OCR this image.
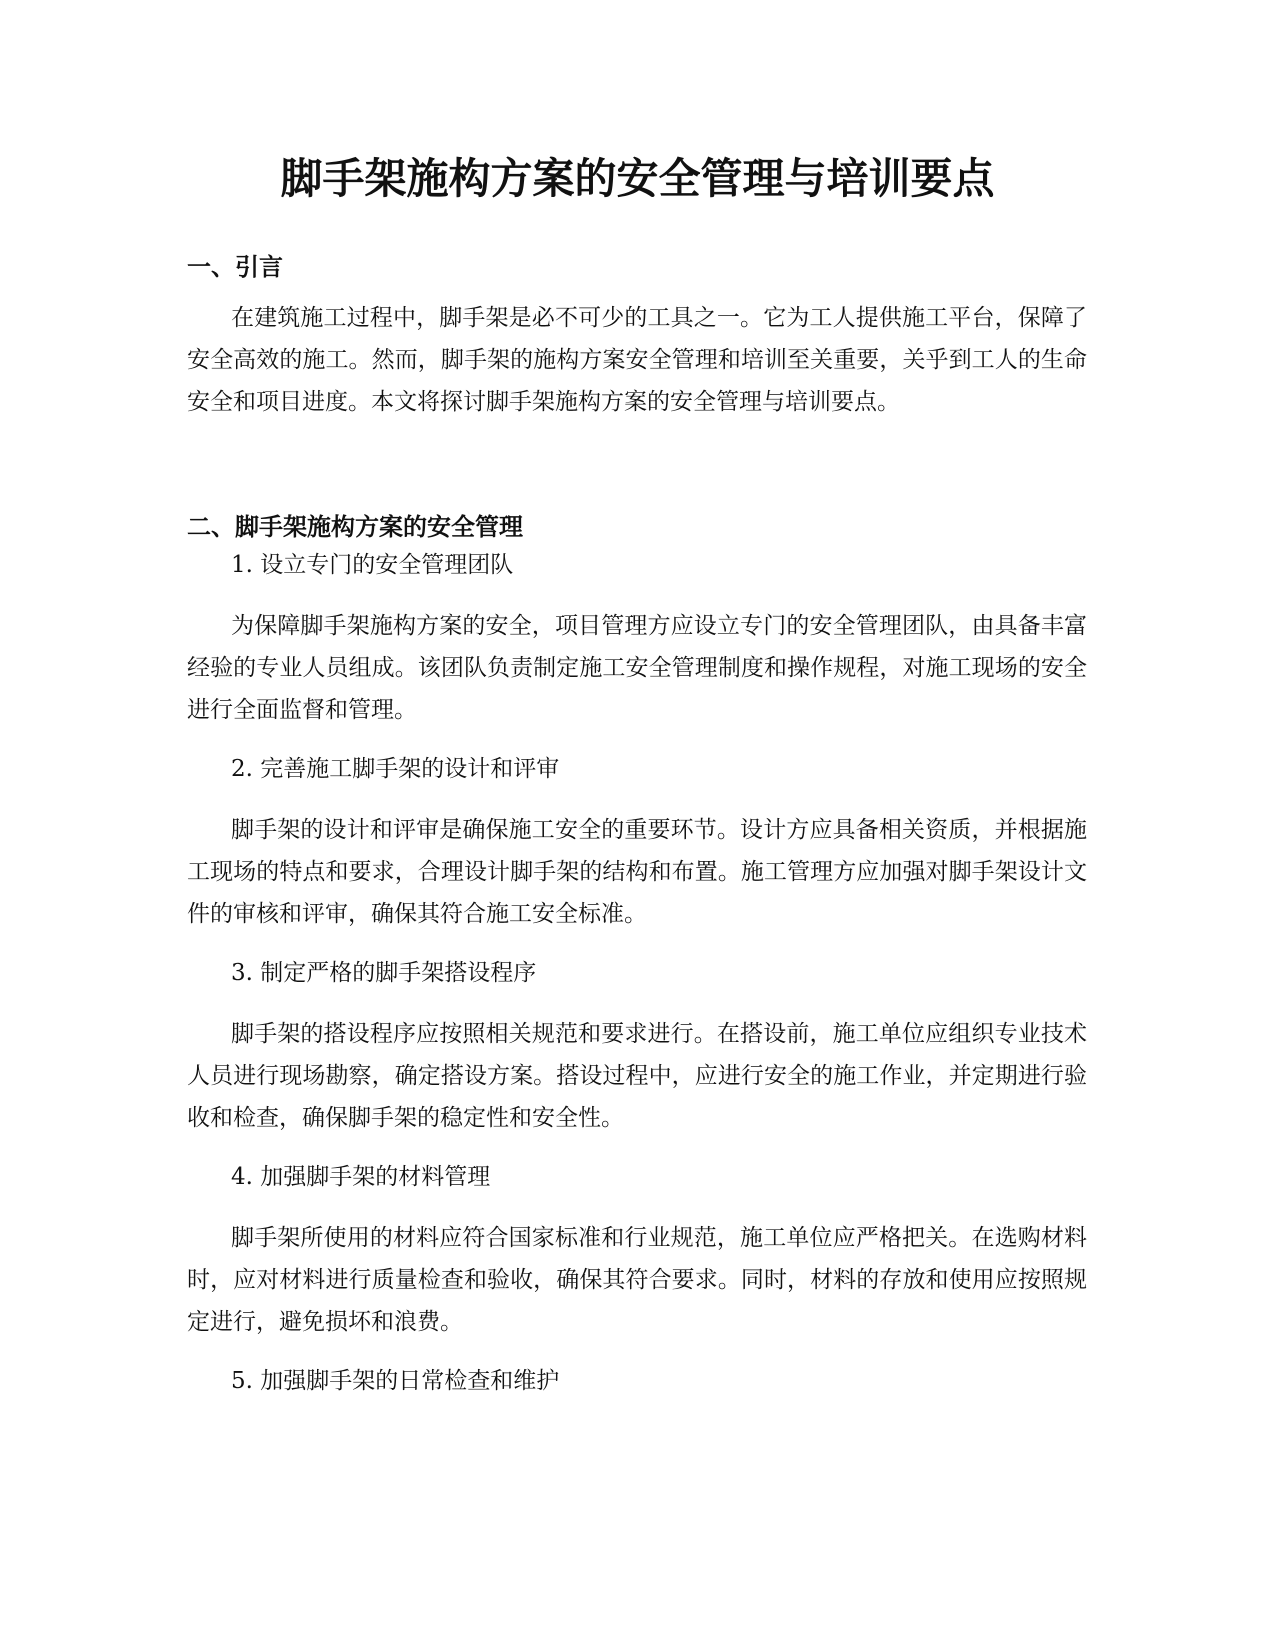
脚手架施构方案的安全管理与培训要点
一、引言

在建筑施工过程中，脚手架是必不可少的工具之一。它为工人提供施工平台，保障了安全高效的施工。然而，脚手架的施构方案安全管理和培训至关重要，关乎到工人的生命安全和项目进度。本文将探讨脚手架施构方案的安全管理与培训要点。

二、脚手架施构方案的安全管理

1. 设立专门的安全管理团队

为保障脚手架施构方案的安全，项目管理方应设立专门的安全管理团队，由具备丰富经验的专业人员组成。该团队负责制定施工安全管理制度和操作规程，对施工现场的安全进行全面监督和管理。

2. 完善施工脚手架的设计和评审

脚手架的设计和评审是确保施工安全的重要环节。设计方应具备相关资质，并根据施工现场的特点和要求，合理设计脚手架的结构和布置。施工管理方应加强对脚手架设计文件的审核和评审，确保其符合施工安全标准。

3. 制定严格的脚手架搭设程序

脚手架的搭设程序应按照相关规范和要求进行。在搭设前，施工单位应组织专业技术人员进行现场勘察，确定搭设方案。搭设过程中，应进行安全的施工作业，并定期进行验收和检查，确保脚手架的稳定性和安全性。

4. 加强脚手架的材料管理

脚手架所使用的材料应符合国家标准和行业规范，施工单位应严格把关。在选购材料时，应对材料进行质量检查和验收，确保其符合要求。同时，材料的存放和使用应按照规定进行，避免损坏和浪费。

5. 加强脚手架的日常检查和维护
